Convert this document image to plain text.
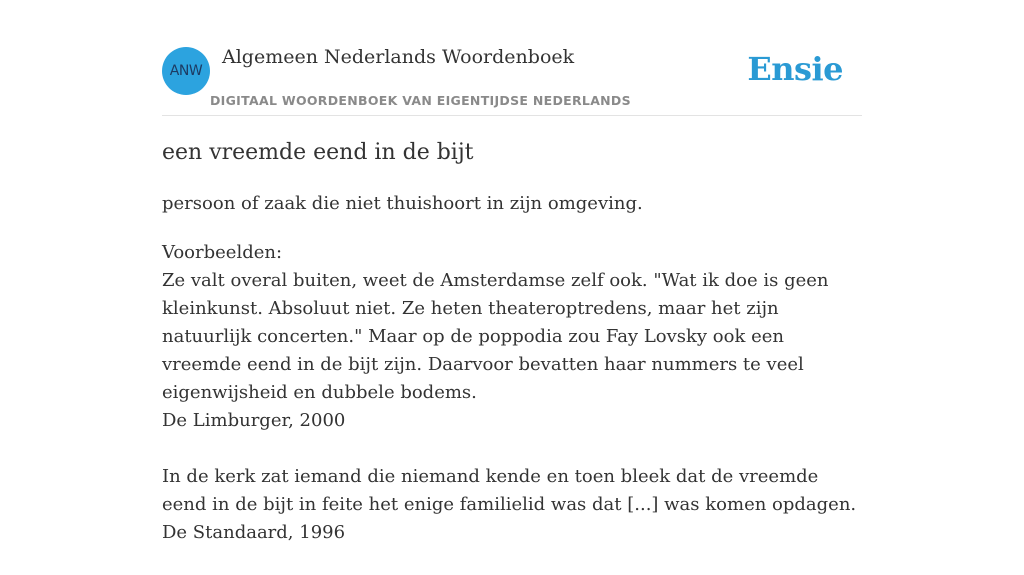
ANW
Algemeen Nederlands Woordenboek
DIGITAAL WOORDENBOEK VAN EIGENTIJDSE NEDERLANDS
Ensie
een vreemde eend in de bijt
persoon of zaak die niet thuishoort in zijn omgeving.

Voorbeelden:

Ze valt overal buiten, weet de Amsterdamse zelf ook. "Wat ik doe is geen kleinkunst. Absoluut niet. Ze heten theateroptredens, maar het zijn natuurlijk concerten." Maar op de poppodia zou Fay Lovsky ook een vreemde eend in de bijt zijn. Daarvoor bevatten haar nummers te veel eigenwijsheid en dubbele bodems.

De Limburger, 2000

In de kerk zat iemand die niemand kende en toen bleek dat de vreemde eend in de bijt in feite het enige familielid was dat [...] was komen opdagen.

De Standaard, 1996
